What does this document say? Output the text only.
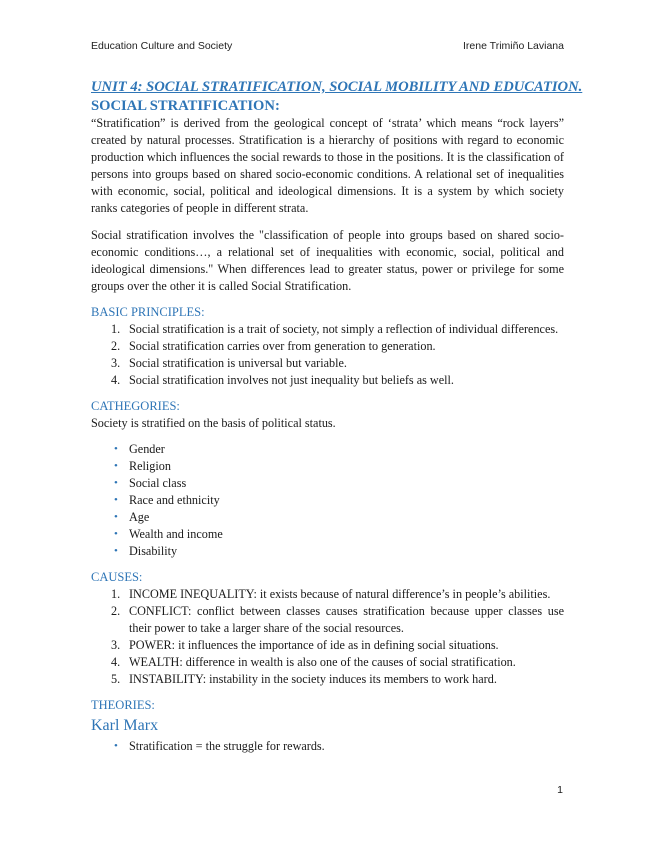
Education Culture and Society	Irene Trimiño Laviana
UNIT 4: SOCIAL STRATIFICATION, SOCIAL MOBILITY AND EDUCATION.
SOCIAL STRATIFICATION:

“Stratification” is derived from the geological concept of ‘strata’ which means “rock layers” created by natural processes. Stratification is a hierarchy of positions with regard to economic production which influences the social rewards to those in the positions. It is the classification of persons into groups based on shared socio-economic conditions. A relational set of inequalities with economic, social, political and ideological dimensions. It is a system by which society ranks categories of people in different strata.

Social stratification involves the "classification of people into groups based on shared socio-economic conditions…, a relational set of inequalities with economic, social, political and ideological dimensions." When differences lead to greater status, power or privilege for some groups over the other it is called Social Stratification.

BASIC PRINCIPLES:
1. Social stratification is a trait of society, not simply a reflection of individual differences.
2. Social stratification carries over from generation to generation.
3. Social stratification is universal but variable.
4. Social stratification involves not just inequality but beliefs as well.
CATHEGORIES:

Society is stratified on the basis of political status.

• Gender
• Religion
• Social class
• Race and ethnicity
• Age
• Wealth and income
• Disability
CAUSES:
1. INCOME INEQUALITY: it exists because of natural difference’s in people’s abilities.
2. CONFLICT: conflict between classes causes stratification because upper classes use their power to take a larger share of the social resources.
3. POWER: it influences the importance of ide as in defining social situations.
4. WEALTH: difference in wealth is also one of the causes of social stratification.
5. INSTABILITY: instability in the society induces its members to work hard.
THEORIES:
Karl Marx
• Stratification = the struggle for rewards.
1
